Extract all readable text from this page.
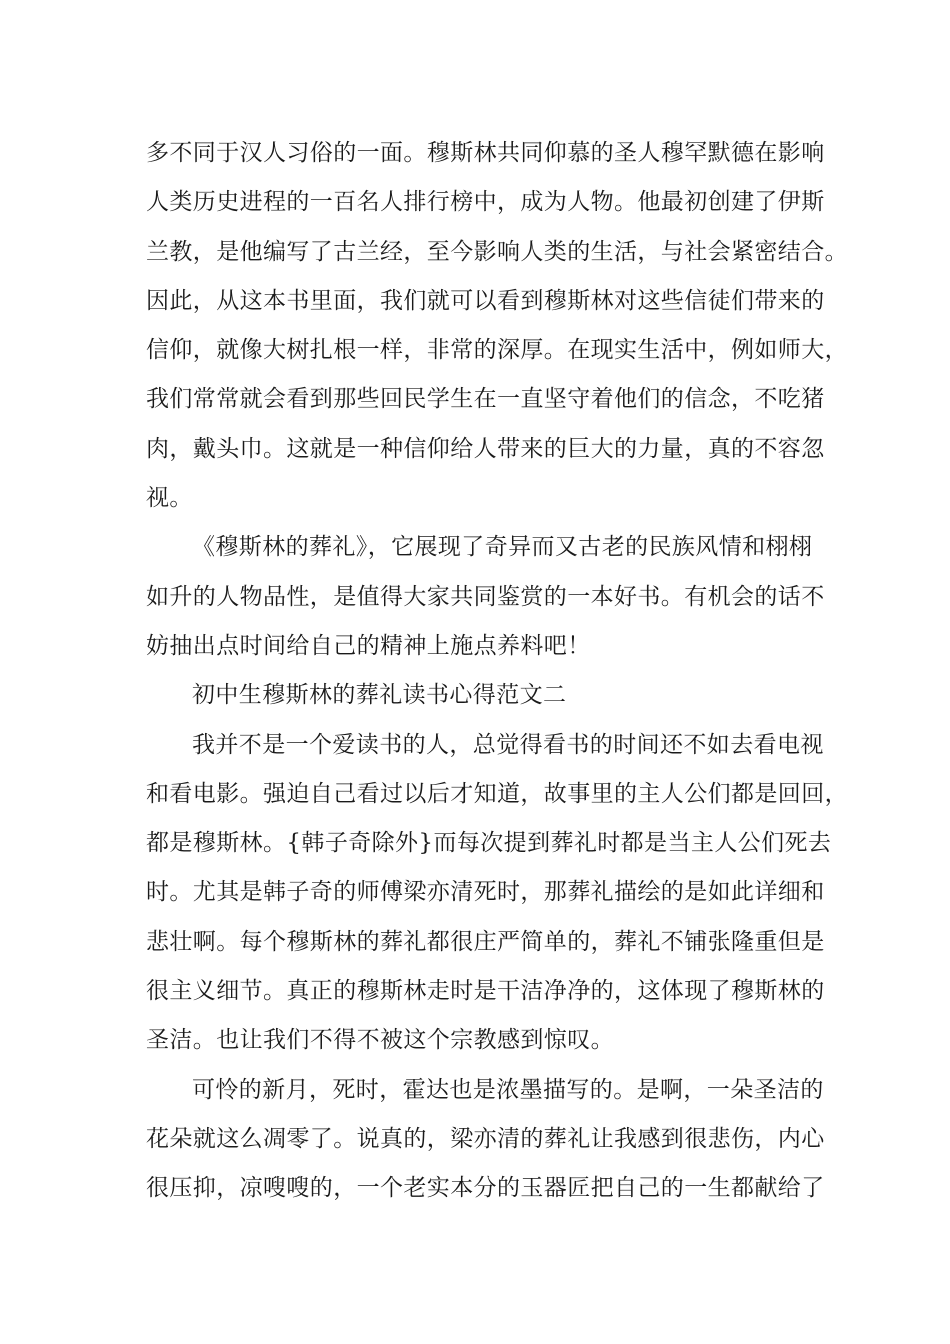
多不同于汉人习俗的一面。穆斯林共同仰慕的圣人穆罕默德在影响
人类历史进程的一百名人排行榜中，成为人物。他最初创建了伊斯
兰教，是他编写了古兰经，至今影响人类的生活，与社会紧密结合。
因此，从这本书里面，我们就可以看到穆斯林对这些信徒们带来的
信仰，就像大树扎根一样，非常的深厚。在现实生活中，例如师大，
我们常常就会看到那些回民学生在一直坚守着他们的信念，不吃猪
肉，戴头巾。这就是一种信仰给人带来的巨大的力量，真的不容忽
视。
《穆斯林的葬礼》，它展现了奇异而又古老的民族风情和栩栩
如升的人物品性，是值得大家共同鉴赏的一本好书。有机会的话不
妨抽出点时间给自己的精神上施点养料吧！
初中生穆斯林的葬礼读书心得范文二
我并不是一个爱读书的人，总觉得看书的时间还不如去看电视
和看电影。强迫自己看过以后才知道，故事里的主人公们都是回回，
都是穆斯林。{韩子奇除外}而每次提到葬礼时都是当主人公们死去
时。尤其是韩子奇的师傅梁亦清死时，那葬礼描绘的是如此详细和
悲壮啊。每个穆斯林的葬礼都很庄严简单的，葬礼不铺张隆重但是
很主义细节。真正的穆斯林走时是干洁净净的，这体现了穆斯林的
圣洁。也让我们不得不被这个宗教感到惊叹。
可怜的新月，死时，霍达也是浓墨描写的。是啊，一朵圣洁的
花朵就这么凋零了。说真的，梁亦清的葬礼让我感到很悲伤，内心
很压抑，凉嗖嗖的，一个老实本分的玉器匠把自己的一生都献给了
